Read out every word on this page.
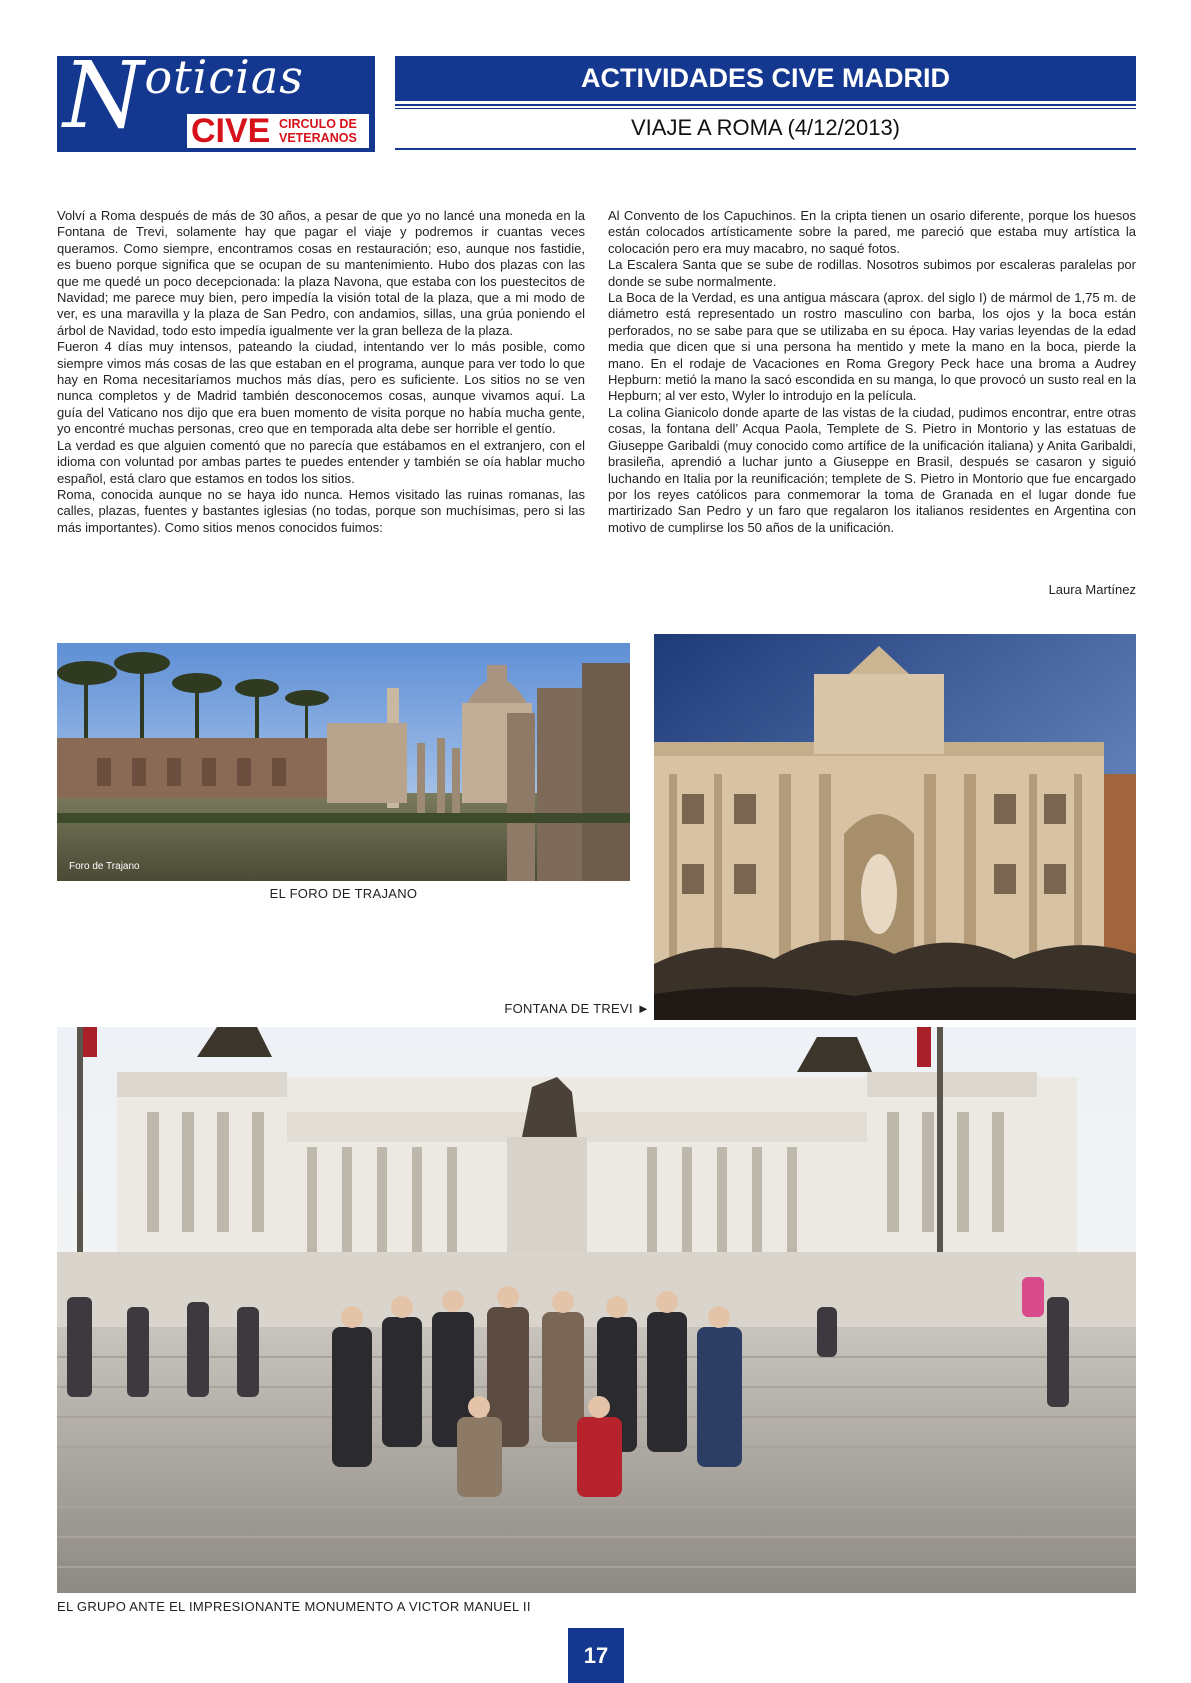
Noticias
CIVE CIRCULO DE
VETERANOS
ACTIVIDADES CIVE MADRID
VIAJE A ROMA (4/12/2013)

Volví a Roma después de más de 30 años, a pesar de que yo no lancé una moneda en la Fontana de Trevi, solamente hay que pagar el viaje y podremos ir cuantas veces queramos. Como siempre, encontramos cosas en restauración; eso, aunque nos fastidie, es bueno porque significa que se ocupan de su mantenimiento. Hubo dos plazas con las que me quedé un poco decepcionada: la plaza Navona, que estaba con los puestecitos de Navidad; me parece muy bien, pero impedía la visión total de la plaza, que a mi modo de ver, es una maravilla y la plaza de San Pedro, con andamios, sillas, una grúa poniendo el árbol de Navidad, todo esto impedía igualmente ver la gran belleza de la plaza.

Fueron 4 días muy intensos, pateando la ciudad, intentando ver lo más posible, como siempre vimos más cosas de las que estaban en el programa, aunque para ver todo lo que hay en Roma necesitaríamos muchos más días, pero es suficiente. Los sitios no se ven nunca completos y de Madrid también desconocemos cosas, aunque vivamos aquí. La guía del Vaticano nos dijo que era buen momento de visita porque no había mucha gente, yo encontré muchas personas, creo que en temporada alta debe ser horrible el gentío.

La verdad es que alguien comentó que no parecía que estábamos en el extranjero, con el idioma con voluntad por ambas partes te puedes entender y también se oía hablar mucho español, está claro que estamos en todos los sitios.

Roma, conocida aunque no se haya ido nunca. Hemos visitado las ruinas romanas, las calles, plazas, fuentes y bastantes iglesias (no todas, porque son muchísimas, pero si las más importantes). Como sitios menos conocidos fuimos:

Al Convento de los Capuchinos. En la cripta tienen un osario diferente, porque los huesos están colocados artísticamente sobre la pared, me pareció que estaba muy artística la colocación pero era muy macabro, no saqué fotos.

La Escalera Santa que se sube de rodillas. Nosotros subimos por escaleras paralelas por donde se sube normalmente.

La Boca de la Verdad, es una antigua máscara (aprox. del siglo I) de mármol de 1,75 m. de diámetro está representado un rostro masculino con barba, los ojos y la boca están perforados, no se sabe para que se utilizaba en su época. Hay varias leyendas de la edad media que dicen que si una persona ha mentido y mete la mano en la boca, pierde la mano. En el rodaje de Vacaciones en Roma Gregory Peck hace una broma a Audrey Hepburn: metió la mano la sacó escondida en su manga, lo que provocó un susto real en la Hepburn; al ver esto, Wyler lo introdujo en la película.

La colina Gianicolo donde aparte de las vistas de la ciudad, pudimos encontrar, entre otras cosas, la fontana dell’ Acqua Paola, Templete de S. Pietro in Montorio y las estatuas de Giuseppe Garibaldi (muy conocido como artífice de la unificación italiana) y Anita Garibaldi, brasileña, aprendió a luchar junto a Giuseppe en Brasil, después se casaron y siguió luchando en Italia por la reunificación; templete de S. Pietro in Montorio que fue encargado por los reyes católicos para conmemorar la toma de Granada en el lugar donde fue martirizado San Pedro y un faro que regalaron los italianos residentes en Argentina con motivo de cumplirse los 50 años de la unificación.

Laura Martínez
Foro de Trajano
EL FORO DE TRAJANO
FONTANA DE TREVI ►
EL GRUPO ANTE EL IMPRESIONANTE MONUMENTO A VICTOR MANUEL II
17
